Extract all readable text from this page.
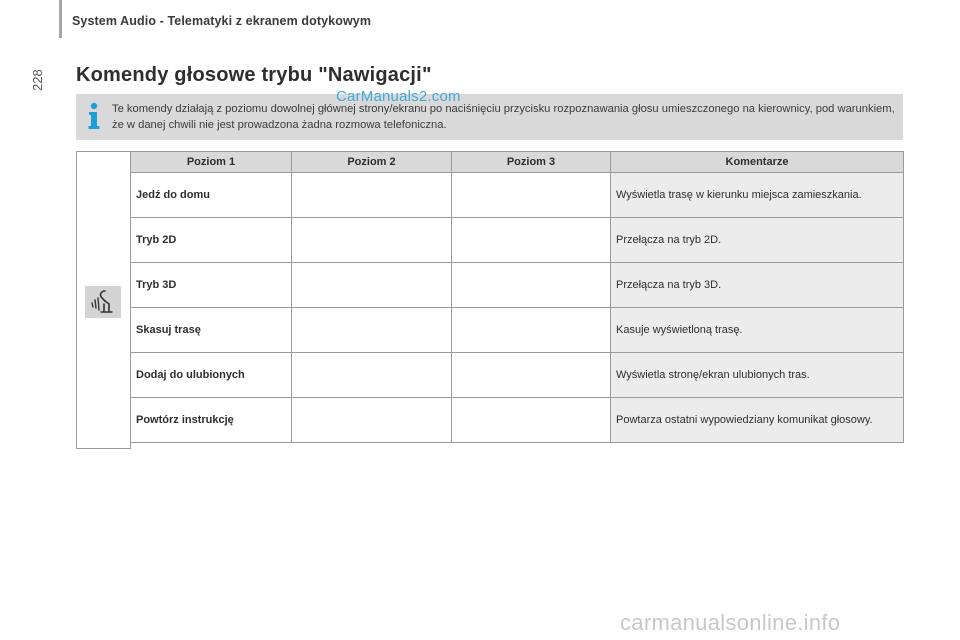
System Audio - Telematyki z ekranem dotykowym
228 Komendy głosowe trybu "Nawigacji"
Te komendy działają z poziomu dowolnej głównej strony/ekranu po naciśnięciu przycisku rozpoznawania głosu umieszczonego na kierownicy, pod warunkiem, że w danej chwili nie jest prowadzona żadna rozmowa telefoniczna.
CarManuals2.com
Poziom 1	Poziom 2	Poziom 3	Komentarze
Jedź do domu			Wyświetla trasę w kierunku miejsca zamieszkania.
Tryb 2D			Przełącza na tryb 2D.
Tryb 3D			Przełącza na tryb 3D.
Skasuj trasę			Kasuje wyświetloną trasę.
Dodaj do ulubionych			Wyświetla stronę/ekran ulubionych tras.
Powtórz instrukcję			Powtarza ostatni wypowiedziany komunikat głosowy.
carmanualsonline.info
